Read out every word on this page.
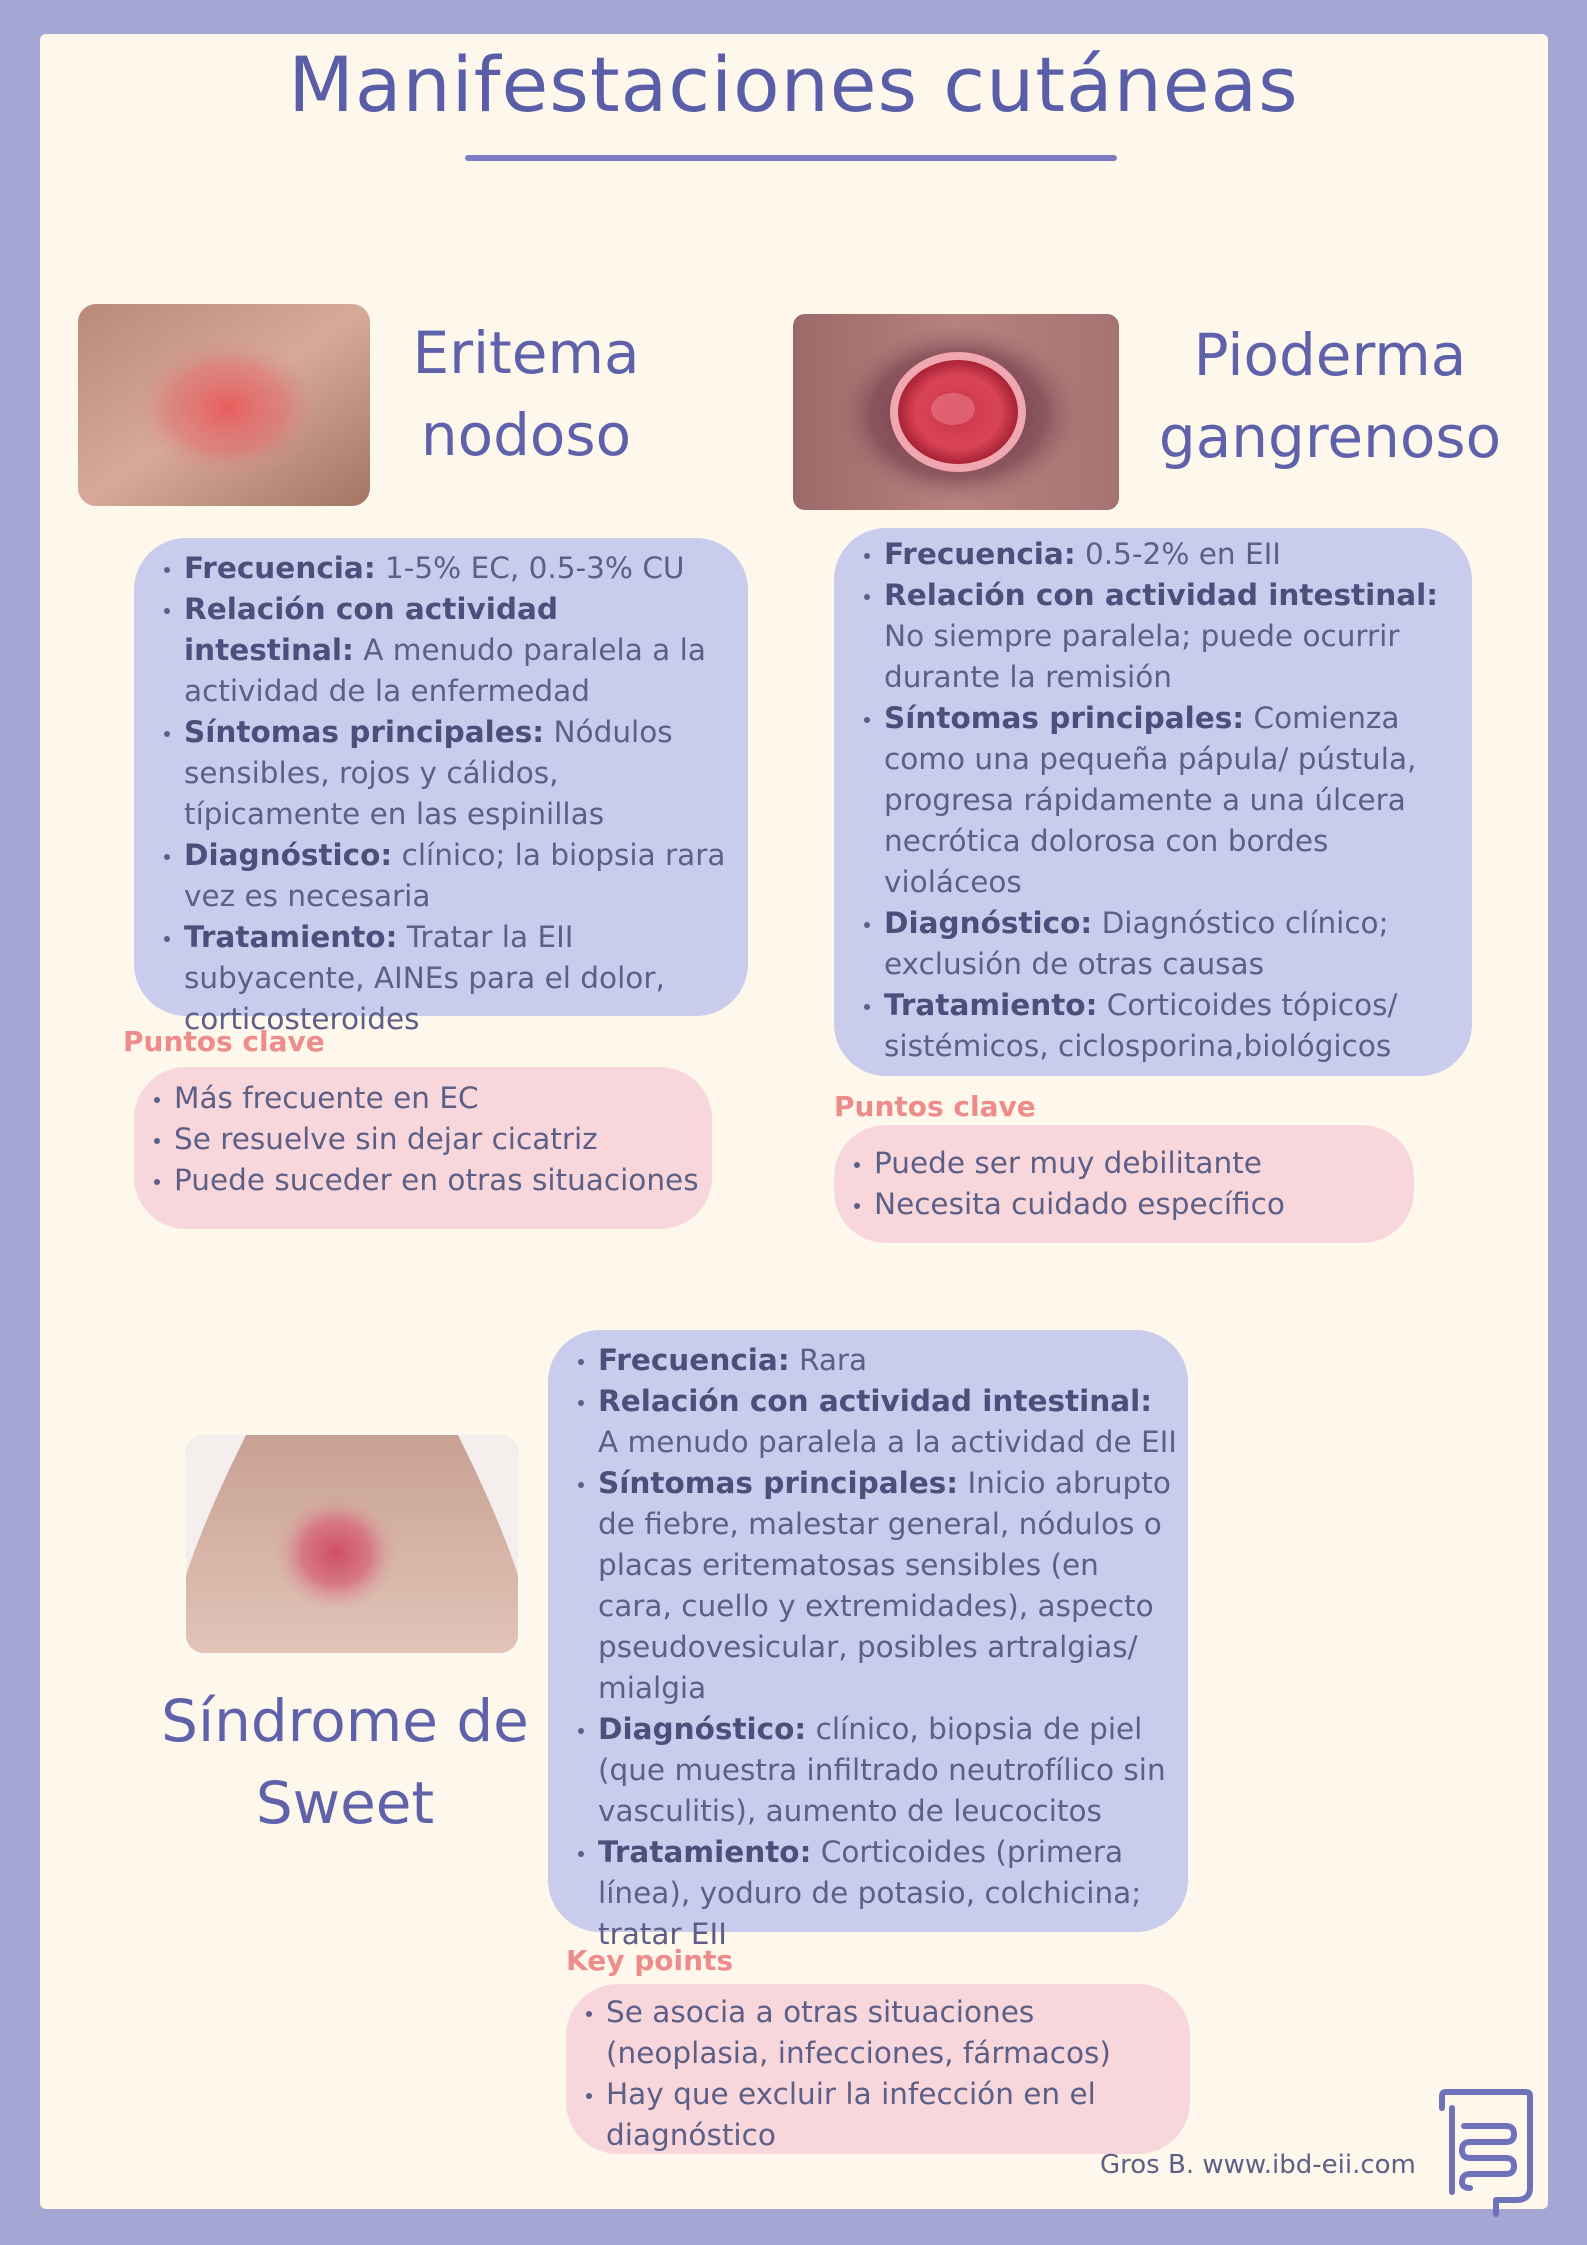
Manifestaciones cutáneas
Eritema
nodoso
Frecuencia: 1-5% EC, 0.5-3% CU
Relación con actividad intestinal: A menudo paralela a la actividad de la enfermedad
Síntomas principales: Nódulos sensibles, rojos y cálidos, típicamente en las espinillas
Diagnóstico: clínico; la biopsia rara vez es necesaria
Tratamiento: Tratar la EII subyacente, AINEs para el dolor, corticosteroides

Puntos clave

Más frecuente en EC
Se resuelve sin dejar cicatriz
Puede suceder en otras situaciones
Pioderma
gangrenoso
Frecuencia: 0.5-2% en EII
Relación con actividad intestinal: No siempre paralela; puede ocurrir durante la remisión
Síntomas principales: Comienza como una pequeña pápula/ pústula, progresa rápidamente a una úlcera necrótica dolorosa con bordes violáceos
Diagnóstico: Diagnóstico clínico; exclusión de otras causas
Tratamiento: Corticoides tópicos/ sistémicos, ciclosporina,biológicos

Puntos clave

Puede ser muy debilitante
Necesita cuidado específico
Síndrome de
Sweet
Frecuencia: Rara
Relación con actividad intestinal: A menudo paralela a la actividad de EII
Síntomas principales: Inicio abrupto de fiebre, malestar general, nódulos o placas eritematosas sensibles (en cara, cuello y extremidades), aspecto pseudovesicular, posibles artralgias/ mialgia
Diagnóstico: clínico, biopsia de piel (que muestra infiltrado neutrofílico sin vasculitis), aumento de leucocitos
Tratamiento: Corticoides (primera línea), yoduro de potasio, colchicina; tratar EII

Key points

Se asocia a otras situaciones (neoplasia, infecciones, fármacos)
Hay que excluir la infección en el diagnóstico
Gros B. www.ibd-eii.com
